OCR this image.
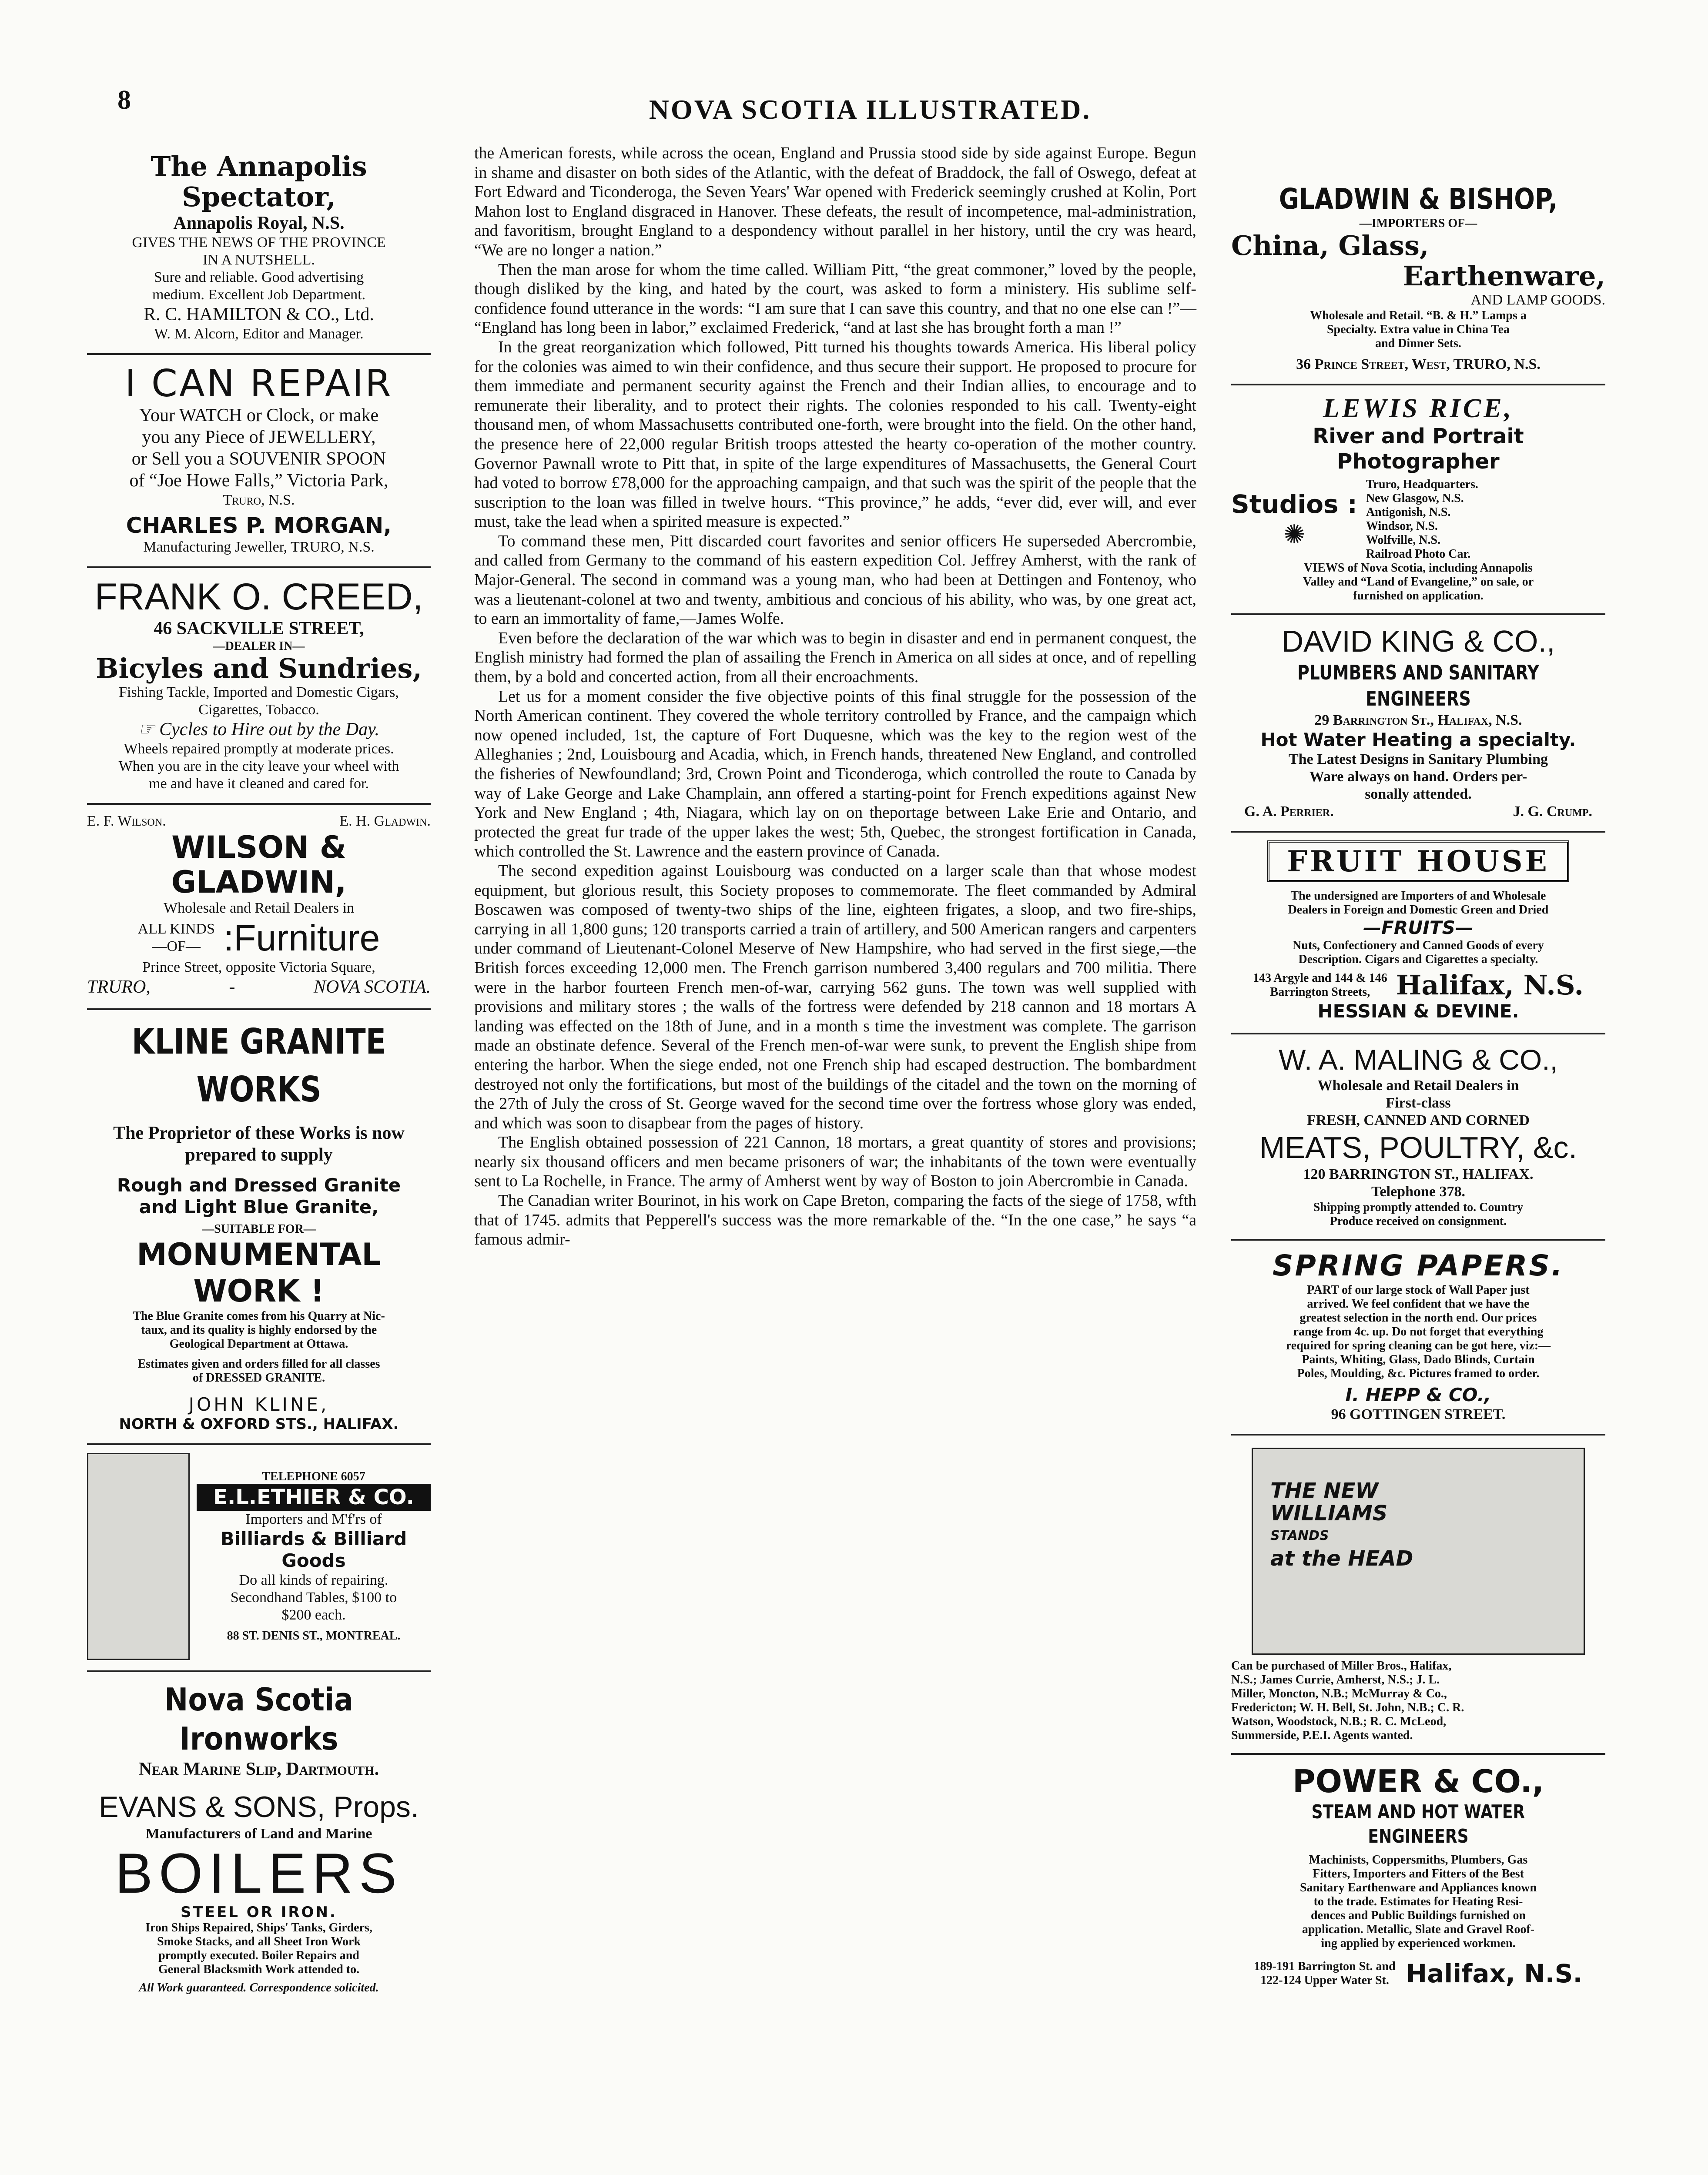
8	NOVA SCOTIA ILLUSTRATED.
The Annapolis Spectator,
Annapolis Royal, N.S.
GIVES THE NEWS OF THE PROVINCE
IN A NUTSHELL.
Sure and reliable. Good advertising
medium. Excellent Job Department.
R. C. HAMILTON & CO., Ltd.
W. M. Alcorn, Editor and Manager.
I CAN REPAIR
Your WATCH or Clock, or make
you any Piece of JEWELLERY,
or Sell you a SOUVENIR SPOON
of “Joe Howe Falls,” Victoria Park,
Truro, N.S.
CHARLES P. MORGAN,
Manufacturing Jeweller, TRURO, N.S.
FRANK O. CREED,
46 SACKVILLE STREET,
—DEALER IN—
Bicyles and Sundries,
Fishing Tackle, Imported and Domestic Cigars,
Cigarettes, Tobacco.
☞ Cycles to Hire out by the Day.
Wheels repaired promptly at moderate prices.
When you are in the city leave your wheel with
me and have it cleaned and cared for.
E. F. Wilson.	E. H. Gladwin.
WILSON & GLADWIN,
Wholesale and Retail Dealers in
ALL KINDS
—OF— :Furniture
Prince Street, opposite Victoria Square,
TRURO,	-	NOVA SCOTIA.
KLINE GRANITE WORKS
The Proprietor of these Works is now
prepared to supply
Rough and Dressed Granite
and Light Blue Granite,
—SUITABLE FOR—
MONUMENTAL WORK !
The Blue Granite comes from his Quarry at Nic-
taux, and its quality is highly endorsed by the
Geological Department at Ottawa.
Estimates given and orders filled for all classes
of DRESSED GRANITE.
JOHN KLINE,
NORTH & OXFORD STS., HALIFAX.
TELEPHONE 6057
E.L.ETHIER & CO.
Importers and M'f'rs of
Billiards & Billiard Goods
Do all kinds of repairing.
Secondhand Tables, $100 to
$200 each.
88 ST. DENIS ST., MONTREAL.
Nova Scotia Ironworks
Near Marine Slip, Dartmouth.
EVANS & SONS, Props.
Manufacturers of Land and Marine
BOILERS
STEEL OR IRON.
Iron Ships Repaired, Ships' Tanks, Girders,
Smoke Stacks, and all Sheet Iron Work
promptly executed. Boiler Repairs and
General Blacksmith Work attended to.
All Work guaranteed. Correspondence solicited.

the American forests, while across the ocean, England and Prussia stood side by side against Europe. Begun in shame and disaster on both sides of the Atlantic, with the defeat of Braddock, the fall of Oswego, defeat at Fort Edward and Ticonderoga, the Seven Years' War opened with Frederick seemingly crushed at Kolin, Port Mahon lost to England disgraced in Hanover. These defeats, the result of incompetence, mal-administration, and favoritism, brought England to a despondency without parallel in her history, until the cry was heard, “We are no longer a nation.”

Then the man arose for whom the time called. William Pitt, “the great commoner,” loved by the people, though disliked by the king, and hated by the court, was asked to form a ministery. His sublime self-confidence found utterance in the words: “I am sure that I can save this country, and that no one else can !”— “England has long been in labor,” exclaimed Frederick, “and at last she has brought forth a man !”

In the great reorganization which followed, Pitt turned his thoughts towards America. His liberal policy for the colonies was aimed to win their confidence, and thus secure their support. He proposed to procure for them immediate and permanent security against the French and their Indian allies, to encourage and to remunerate their liberality, and to protect their rights. The colonies responded to his call. Twenty-eight thousand men, of whom Massachusetts contributed one-forth, were brought into the field. On the other hand, the presence here of 22,000 regular British troops attested the hearty co-operation of the mother country. Governor Pawnall wrote to Pitt that, in spite of the large expenditures of Massachusetts, the General Court had voted to borrow £78,000 for the approaching campaign, and that such was the spirit of the people that the suscription to the loan was filled in twelve hours. “This province,” he adds, “ever did, ever will, and ever must, take the lead when a spirited measure is expected.”

To command these men, Pitt discarded court favorites and senior officers He superseded Abercrombie, and called from Germany to the command of his eastern expedition Col. Jeffrey Amherst, with the rank of Major-General. The second in command was a young man, who had been at Dettingen and Fontenoy, who was a lieutenant-colonel at two and twenty, ambitious and concious of his ability, who was, by one great act, to earn an immortality of fame,—James Wolfe.

Even before the declaration of the war which was to begin in disaster and end in permanent conquest, the English ministry had formed the plan of assailing the French in America on all sides at once, and of repelling them, by a bold and concerted action, from all their encroachments.

Let us for a moment consider the five objective points of this final struggle for the possession of the North American continent. They covered the whole territory controlled by France, and the campaign which now opened included, 1st, the capture of Fort Duquesne, which was the key to the region west of the Alleghanies ; 2nd, Louisbourg and Acadia, which, in French hands, threatened New England, and controlled the fisheries of Newfoundland; 3rd, Crown Point and Ticonderoga, which controlled the route to Canada by way of Lake George and Lake Champlain, ann offered a starting-point for French expeditions against New York and New England ; 4th, Niagara, which lay on on theportage between Lake Erie and Ontario, and protected the great fur trade of the upper lakes the west; 5th, Quebec, the strongest fortification in Canada, which controlled the St. Lawrence and the eastern province of Canada.

The second expedition against Louisbourg was conducted on a larger scale than that whose modest equipment, but glorious result, this Society proposes to commemorate. The fleet commanded by Admiral Boscawen was composed of twenty-two ships of the line, eighteen frigates, a sloop, and two fire-ships, carrying in all 1,800 guns; 120 transports carried a train of artillery, and 500 American rangers and carpenters under command of Lieutenant-Colonel Meserve of New Hampshire, who had served in the first siege,—the British forces exceeding 12,000 men. The French garrison numbered 3,400 regulars and 700 militia. There were in the harbor fourteen French men-of-war, carrying 562 guns. The town was well supplied with provisions and military stores ; the walls of the fortress were defended by 218 cannon and 18 mortars A landing was effected on the 18th of June, and in a month s time the investment was complete. The garrison made an obstinate defence. Several of the French men-of-war were sunk, to prevent the English shipe from entering the harbor. When the siege ended, not one French ship had escaped destruction. The bombardment destroyed not only the fortifications, but most of the buildings of the citadel and the town on the morning of the 27th of July the cross of St. George waved for the second time over the fortress whose glory was ended, and which was soon to disapbear from the pages of history.

The English obtained possession of 221 Cannon, 18 mortars, a great quantity of stores and provisions; nearly six thousand officers and men became prisoners of war; the inhabitants of the town were eventually sent to La Rochelle, in France. The army of Amherst went by way of Boston to join Abercrombie in Canada.

The Canadian writer Bourinot, in his work on Cape Breton, comparing the facts of the siege of 1758, wfth that of 1745. admits that Pepperell's success was the more remarkable of the. “In the one case,” he says “a famous admir-

GLADWIN & BISHOP,
—IMPORTERS OF—
China, Glass,
Earthenware,
AND LAMP GOODS.
Wholesale and Retail. “B. & H.” Lamps a
Specialty. Extra value in China Tea
and Dinner Sets.
36 Prince Street, West, TRURO, N.S.
LEWIS RICE,
River and Portrait Photographer
Studios :
✺
Truro, Headquarters.
New Glasgow, N.S.
Antigonish, N.S.
Windsor, N.S.
Wolfville, N.S.
Railroad Photo Car.
VIEWS of Nova Scotia, including Annapolis
Valley and “Land of Evangeline,” on sale, or
furnished on application.
DAVID KING & CO.,
PLUMBERS AND SANITARY ENGINEERS
29 Barrington St., Halifax, N.S.
Hot Water Heating a specialty.
The Latest Designs in Sanitary Plumbing
Ware always on hand. Orders per-
sonally attended.
G. A. Perrier.	J. G. Crump.
FRUIT HOUSE
The undersigned are Importers of and Wholesale
Dealers in Foreign and Domestic Green and Dried
—FRUITS—
Nuts, Confectionery and Canned Goods of every
Description. Cigars and Cigarettes a specialty.
143 Argyle and 144 & 146
Barrington Streets, Halifax, N.S.
HESSIAN & DEVINE.
W. A. MALING & CO.,
Wholesale and Retail Dealers in
First-class
FRESH, CANNED AND CORNED
MEATS, POULTRY, &c.
120 BARRINGTON ST., HALIFAX.
Telephone 378.
Shipping promptly attended to. Country
Produce received on consignment.
SPRING PAPERS.
PART of our large stock of Wall Paper just
arrived. We feel confident that we have the
greatest selection in the north end. Our prices
range from 4c. up. Do not forget that everything
required for spring cleaning can be got here, viz:—
Paints, Whiting, Glass, Dado Blinds, Curtain
Poles, Moulding, &c. Pictures framed to order.
I. HEPP & CO.,
96 GOTTINGEN STREET.
THE NEW
WILLIAMS
STANDS
at the HEAD
Can be purchased of Miller Bros., Halifax,
N.S.; James Currie, Amherst, N.S.; J. L.
Miller, Moncton, N.B.; McMurray & Co.,
Fredericton; W. H. Bell, St. John, N.B.; C. R.
Watson, Woodstock, N.B.; R. C. McLeod,
Summerside, P.E.I. Agents wanted.
POWER & CO.,
STEAM AND HOT WATER ENGINEERS
Machinists, Coppersmiths, Plumbers, Gas
Fitters, Importers and Fitters of the Best
Sanitary Earthenware and Appliances known
to the trade. Estimates for Heating Resi-
dences and Public Buildings furnished on
application. Metallic, Slate and Gravel Roof-
ing applied by experienced workmen.
189-191 Barrington St. and
122-124 Upper Water St. Halifax, N.S.
